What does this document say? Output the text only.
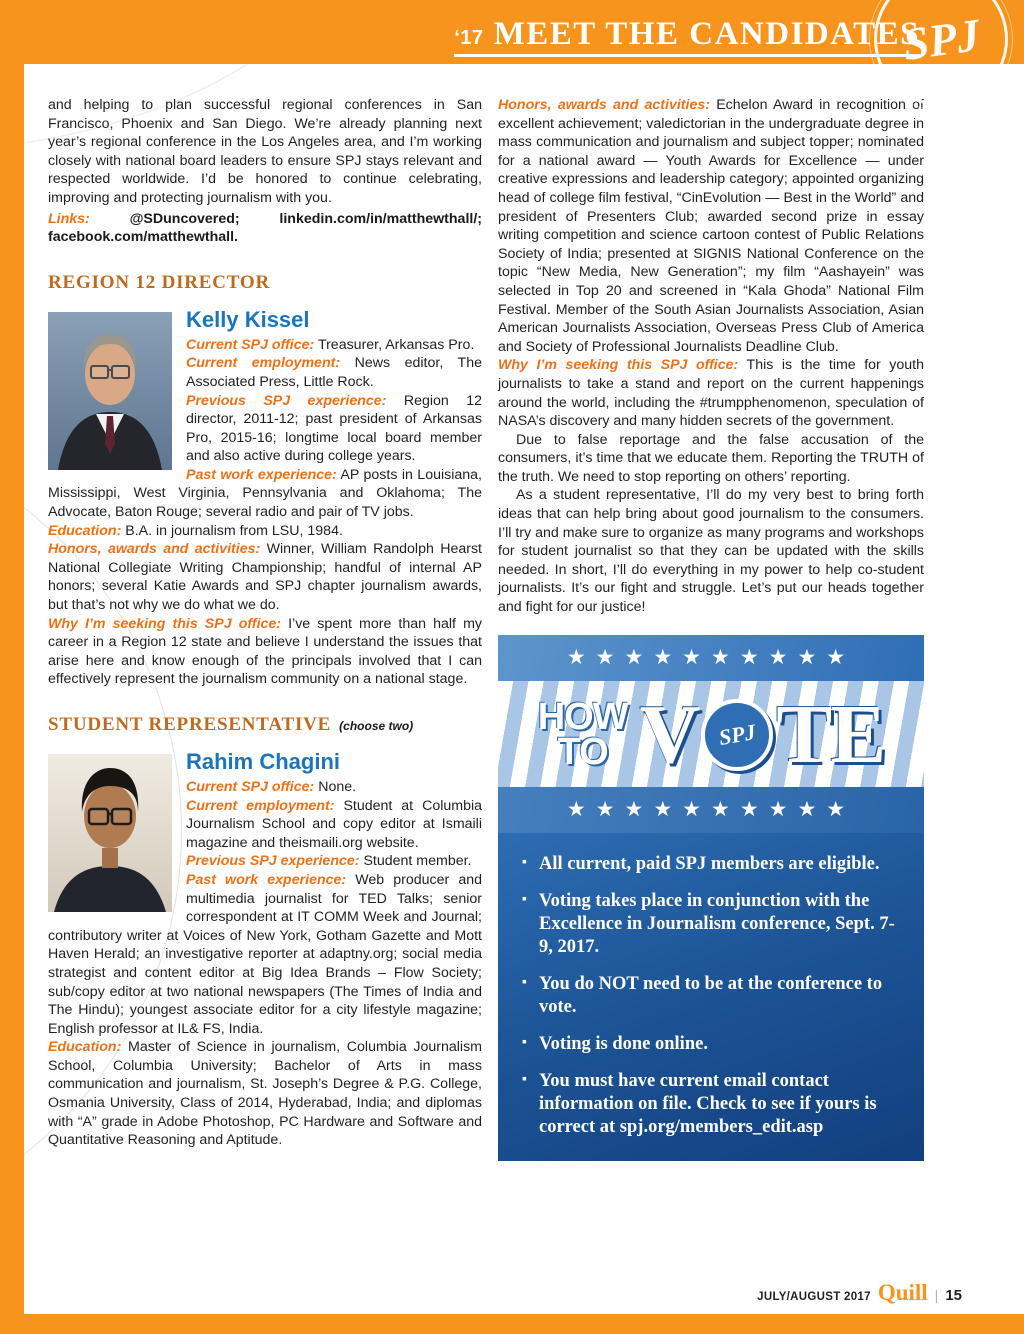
‘17 MEET THE CANDIDATES
SPJ

and helping to plan successful regional conferences in San Francisco, Phoenix and San Diego. We’re already planning next year’s regional conference in the Los Angeles area, and I’m working closely with national board leaders to ensure SPJ stays relevant and respected worldwide. I’d be honored to continue celebrating, improving and protecting journalism with you.

Links:	@SDuncovered; linkedin.com/in/matthewthall/; facebook.com/matthewthall.

REGION 12 DIRECTOR
Kelly Kissel

Current SPJ office: Treasurer, Arkansas Pro.

Current employment: News editor, The Associated Press, Little Rock.

Previous SPJ experience: Region 12 director, 2011-12; past president of Arkansas Pro, 2015-16; longtime local board member and also active during college years.

Past work experience: AP posts in Louisiana, Mississippi, West Virginia, Pennsylvania and Oklahoma; The Advocate, Baton Rouge; several radio and pair of TV jobs.

Education: B.A. in journalism from LSU, 1984.

Honors, awards and activities: Winner, William Randolph Hearst National Collegiate Writing Championship; handful of internal AP honors; several Katie Awards and SPJ chapter journalism awards, but that’s not why we do what we do.

Why I’m seeking this SPJ office: I’ve spent more than half my career in a Region 12 state and believe I understand the issues that arise here and know enough of the principals involved that I can effectively represent the journalism community on a national stage.

STUDENT REPRESENTATIVE (choose two)
Rahim Chagini

Current SPJ office: None.

Current employment: Student at Columbia Journalism School and copy editor at Ismaili magazine and theismaili.org website.

Previous SPJ experience: Student member.

Past work experience: Web producer and multimedia journalist for TED Talks; senior correspondent at IT COMM Week and Journal; contributory writer at Voices of New York, Gotham Gazette and Mott Haven Herald; an investigative reporter at adaptny.org; social media strategist and content editor at Big Idea Brands – Flow Society; sub/copy editor at two national newspapers (The Times of India and The Hindu); youngest associate editor for a city lifestyle magazine; English professor at IL& FS, India.

Education: Master of Science in journalism, Columbia Journalism School, Columbia University; Bachelor of Arts in mass communication and journalism, St. Joseph’s Degree & P.G. College, Osmania University, Class of 2014, Hyderabad, India; and diplomas with “A” grade in Adobe Photoshop, PC Hardware and Software and Quantitative Reasoning and Aptitude.

Honors, awards and activities: Echelon Award in recognition of excellent achievement; valedictorian in the undergraduate degree in mass communication and journalism and subject topper; nominated for a national award — Youth Awards for Excellence — under creative expressions and leadership category; appointed organizing head of college film festival, “CinEvolution — Best in the World” and president of Presenters Club; awarded second prize in essay writing competition and science cartoon contest of Public Relations Society of India; presented at SIGNIS National Conference on the topic “New Media, New Generation”; my film “Aashayein” was selected in Top 20 and screened in “Kala Ghoda” National Film Festival. Member of the South Asian Journalists Association, Asian American Journalists Association, Overseas Press Club of America and Society of Professional Journalists Deadline Club.

Why I’m seeking this SPJ office: This is the time for youth journalists to take a stand and report on the current happenings around the world, including the #trumpphenomenon, speculation of NASA’s discovery and many hidden secrets of the government.

Due to false reportage and the false accusation of the consumers, it’s time that we educate them. Reporting the TRUTH of the truth. We need to stop reporting on others’ reporting.

As a student representative, I’ll do my very best to bring forth ideas that can help bring about good journalism to the consumers. I’ll try and make sure to organize as many programs and workshops for student journalist so that they can be updated with the skills needed. In short, I’ll do everything in my power to help co-student journalists. It’s our fight and struggle. Let’s put our heads together and fight for our justice!

★★★★★★★★★★
HOW
TO V SPJ TE
★★★★★★★★★★
▪ All current, paid SPJ members are eligible.
▪ Voting takes place in conjunction with the Excellence in Journalism conference, Sept. 7-9, 2017.
▪ You do NOT need to be at the conference to vote.
▪ Voting is done online.
▪ You must have current email contact information on file. Check to see if yours is correct at spj.org/members_edit.asp
JULY/AUGUST 2017 Quill | 15
